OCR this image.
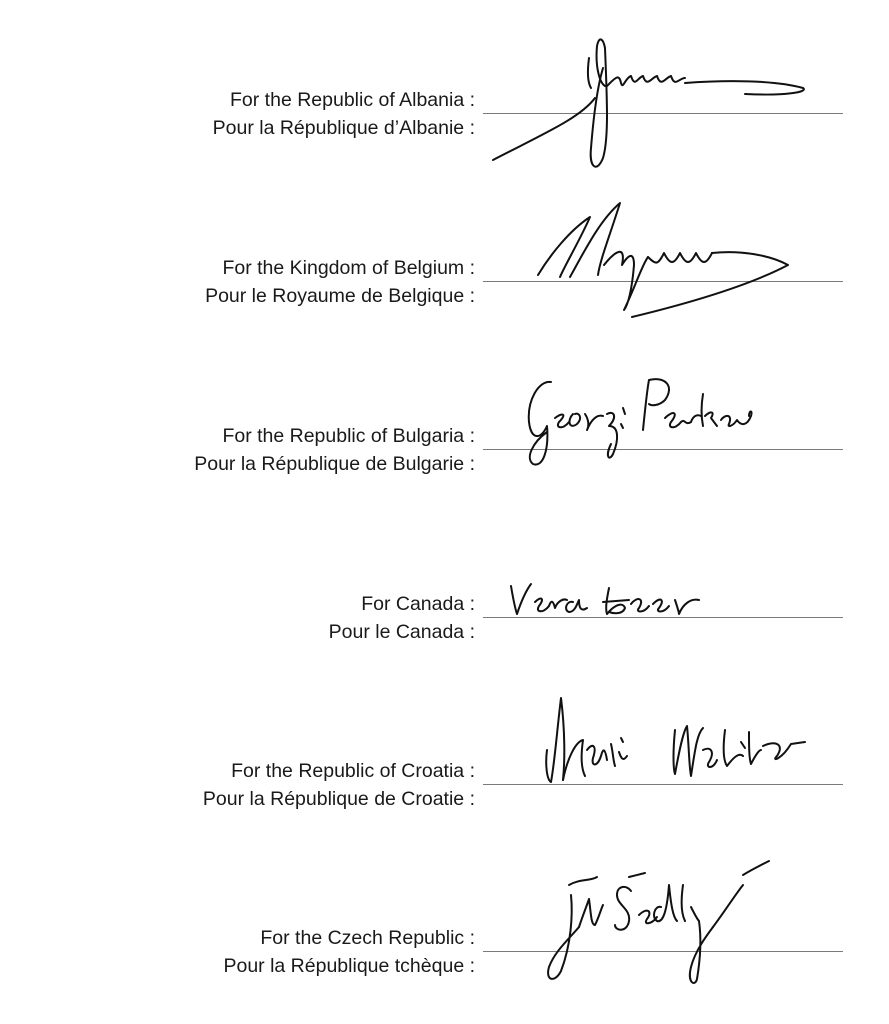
For the Republic of Albania :
Pour la République d’Albanie :
For the Kingdom of Belgium :
Pour le Royaume de Belgique :
For the Republic of Bulgaria :
Pour la République de Bulgarie :
For Canada :
Pour le Canada :
For the Republic of Croatia :
Pour la République de Croatie :
For the Czech Republic :
Pour la République tchèque :
